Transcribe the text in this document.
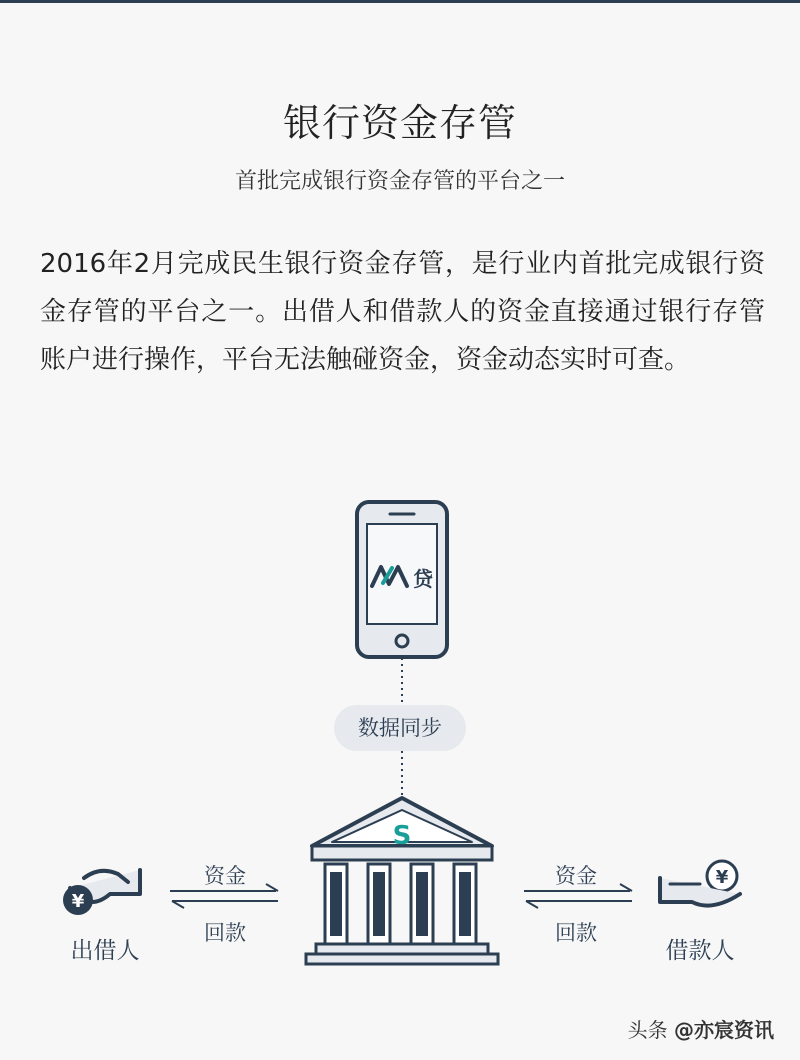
银行资金存管
首批完成银行资金存管的平台之一
2016年2月完成民生银行资金存管，是行业内首批完成银行资金存管的平台之一。出借人和借款人的资金直接通过银行存管账户进行操作，平台无法触碰资金，资金动态实时可查。
贷
S
¥
¥
数据同步
资金
回款
资金
回款
出借人	借款人
头条 @亦宸资讯
